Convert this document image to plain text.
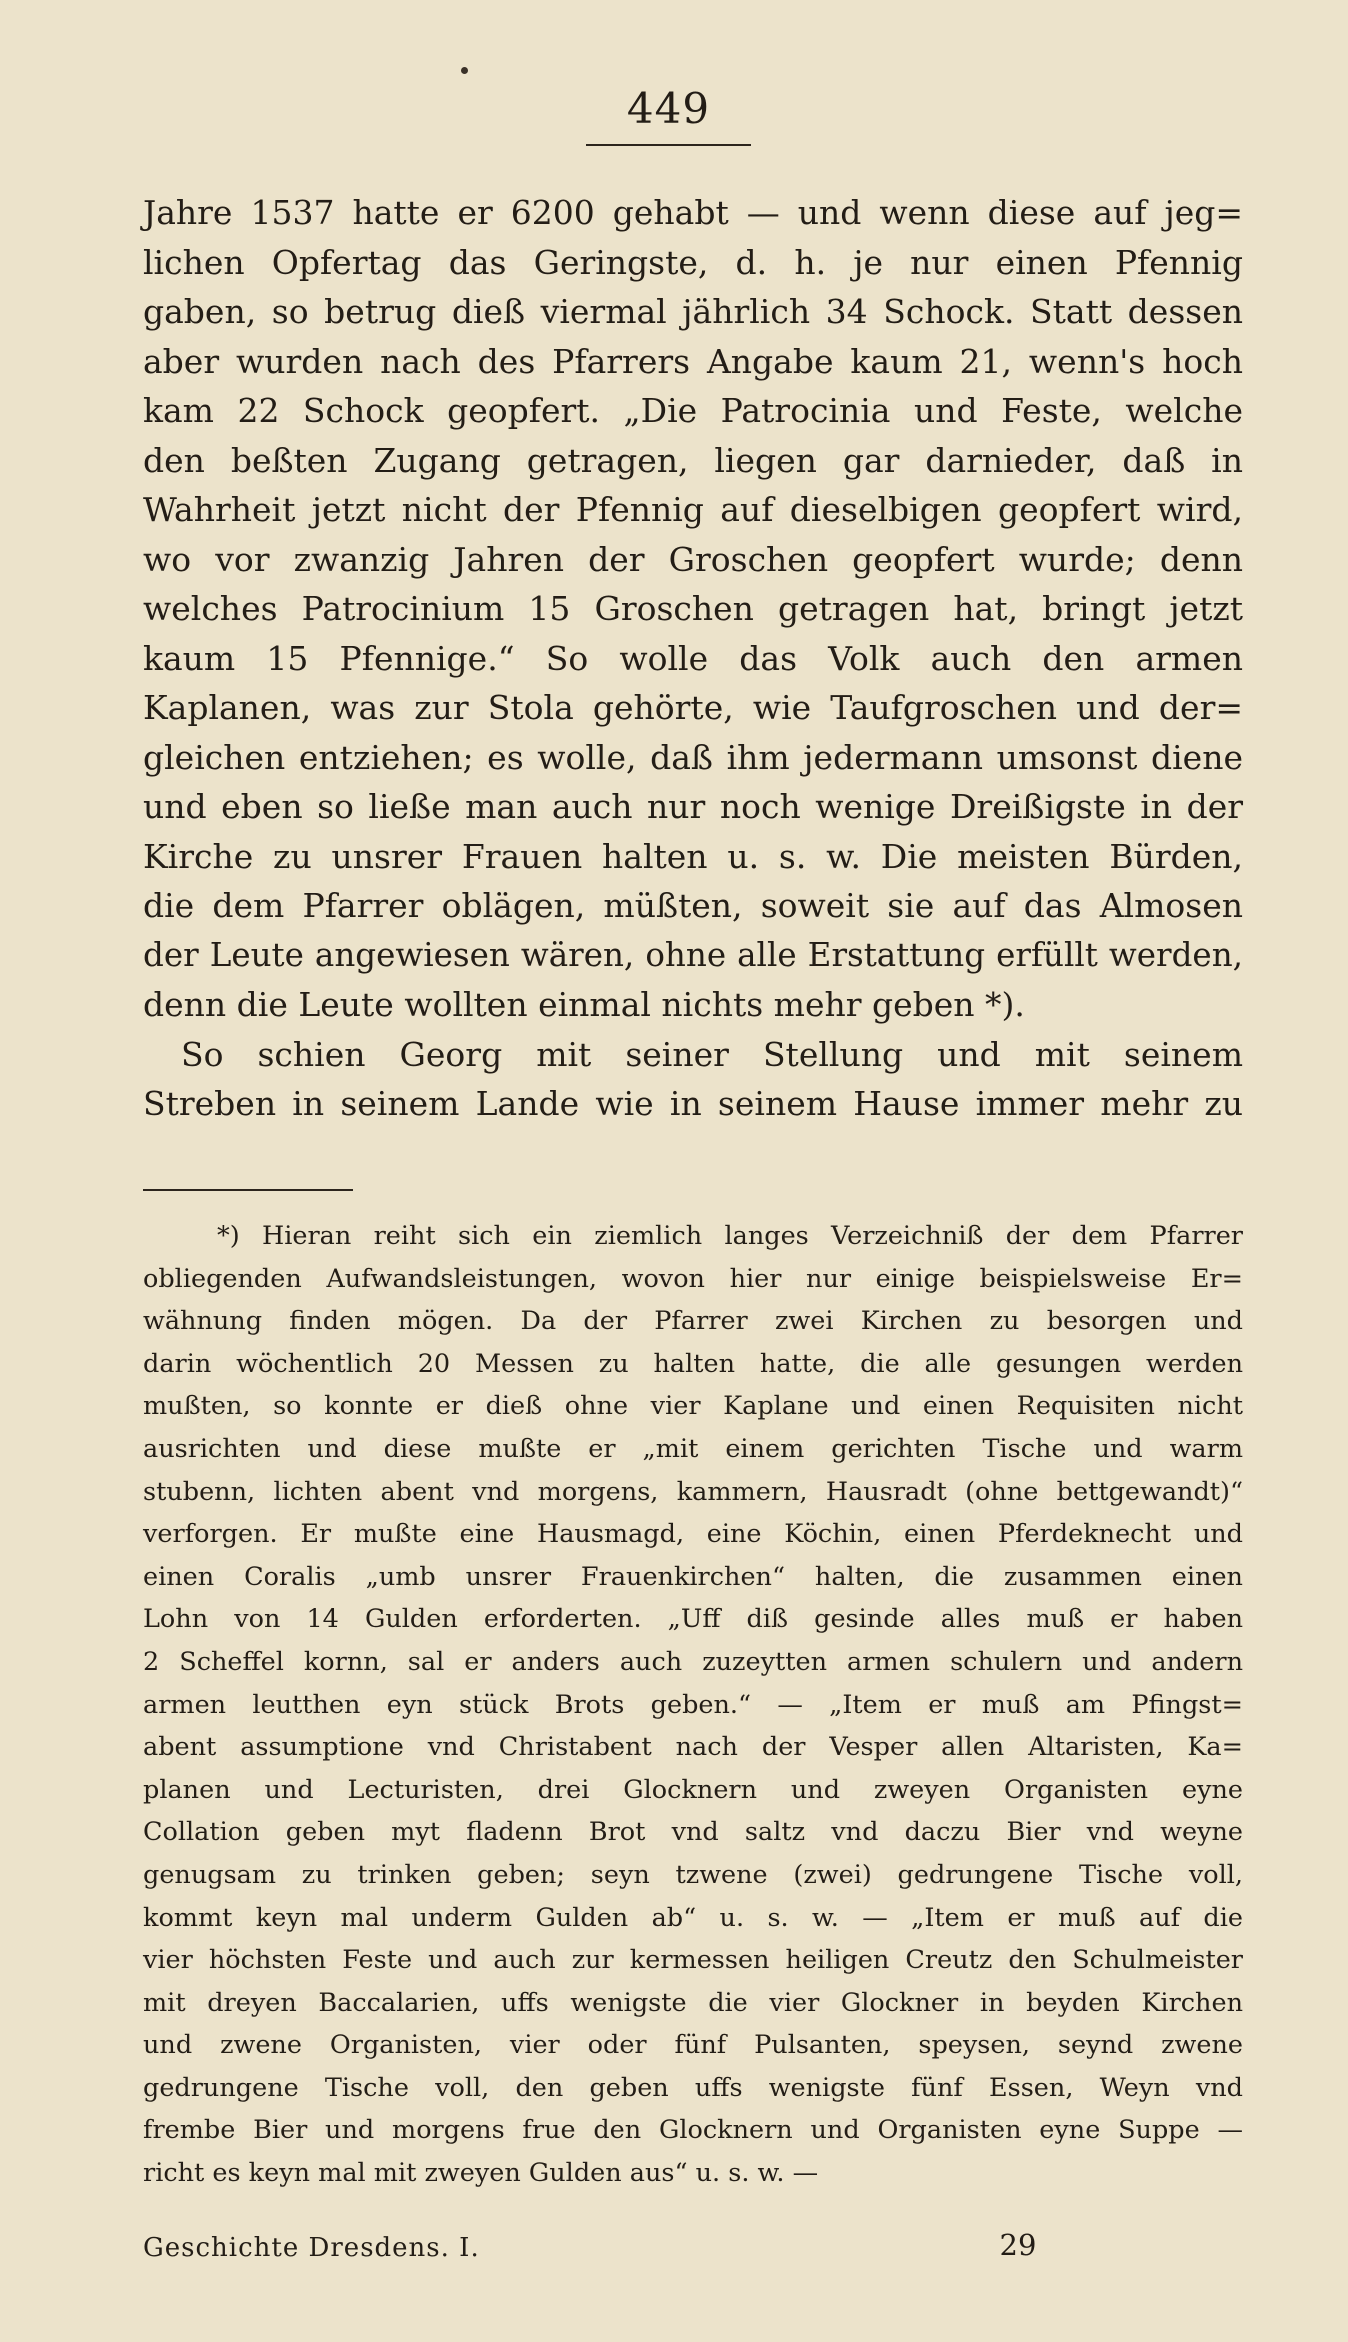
449
Jahre 1537 hatte er 6200 gehabt — und wenn diese auf jeg=
lichen Opfertag das Geringste, d. h. je nur einen Pfennig
gaben, so betrug dieß viermal jährlich 34 Schock. Statt dessen
aber wurden nach des Pfarrers Angabe kaum 21, wenn's hoch
kam 22 Schock geopfert. „Die Patrocinia und Feste, welche
den beßten Zugang getragen, liegen gar darnieder, daß in
Wahrheit jetzt nicht der Pfennig auf dieselbigen geopfert wird,
wo vor zwanzig Jahren der Groschen geopfert wurde; denn
welches Patrocinium 15 Groschen getragen hat, bringt jetzt
kaum 15 Pfennige.“ So wolle das Volk auch den armen
Kaplanen, was zur Stola gehörte, wie Taufgroschen und der=
gleichen entziehen; es wolle, daß ihm jedermann umsonst diene
und eben so ließe man auch nur noch wenige Dreißigste in der
Kirche zu unsrer Frauen halten u. s. w. Die meisten Bürden,
die dem Pfarrer oblägen, müßten, soweit sie auf das Almosen
der Leute angewiesen wären, ohne alle Erstattung erfüllt werden,
denn die Leute wollten einmal nichts mehr geben *).
So schien Georg mit seiner Stellung und mit seinem
Streben in seinem Lande wie in seinem Hause immer mehr zu
*) Hieran reiht sich ein ziemlich langes Verzeichniß der dem Pfarrer
obliegenden Aufwandsleistungen, wovon hier nur einige beispielsweise Er=
wähnung finden mögen. Da der Pfarrer zwei Kirchen zu besorgen und
darin wöchentlich 20 Messen zu halten hatte, die alle gesungen werden
mußten, so konnte er dieß ohne vier Kaplane und einen Requisiten nicht
ausrichten und diese mußte er „mit einem gerichten Tische und warm
stubenn, lichten abent vnd morgens, kammern, Hausradt (ohne bettgewandt)“
verforgen. Er mußte eine Hausmagd, eine Köchin, einen Pferdeknecht und
einen Coralis „umb unsrer Frauenkirchen“ halten, die zusammen einen
Lohn von 14 Gulden erforderten. „Uff diß gesinde alles muß er haben
2 Scheffel kornn, sal er anders auch zuzeytten armen schulern und andern
armen leutthen eyn stück Brots geben.“ — „Item er muß am Pfingst=
abent assumptione vnd Christabent nach der Vesper allen Altaristen, Ka=
planen und Lecturisten, drei Glocknern und zweyen Organisten eyne
Collation geben myt fladenn Brot vnd saltz vnd daczu Bier vnd weyne
genugsam zu trinken geben; seyn tzwene (zwei) gedrungene Tische voll,
kommt keyn mal underm Gulden ab“ u. s. w. — „Item er muß auf die
vier höchsten Feste und auch zur kermessen heiligen Creutz den Schulmeister
mit dreyen Baccalarien, uffs wenigste die vier Glockner in beyden Kirchen
und zwene Organisten, vier oder fünf Pulsanten, speysen, seynd zwene
gedrungene Tische voll, den geben uffs wenigste fünf Essen, Weyn vnd
frembe Bier und morgens frue den Glocknern und Organisten eyne Suppe —
richt es keyn mal mit zweyen Gulden aus“ u. s. w. —
Geschichte Dresdens. I.	29
